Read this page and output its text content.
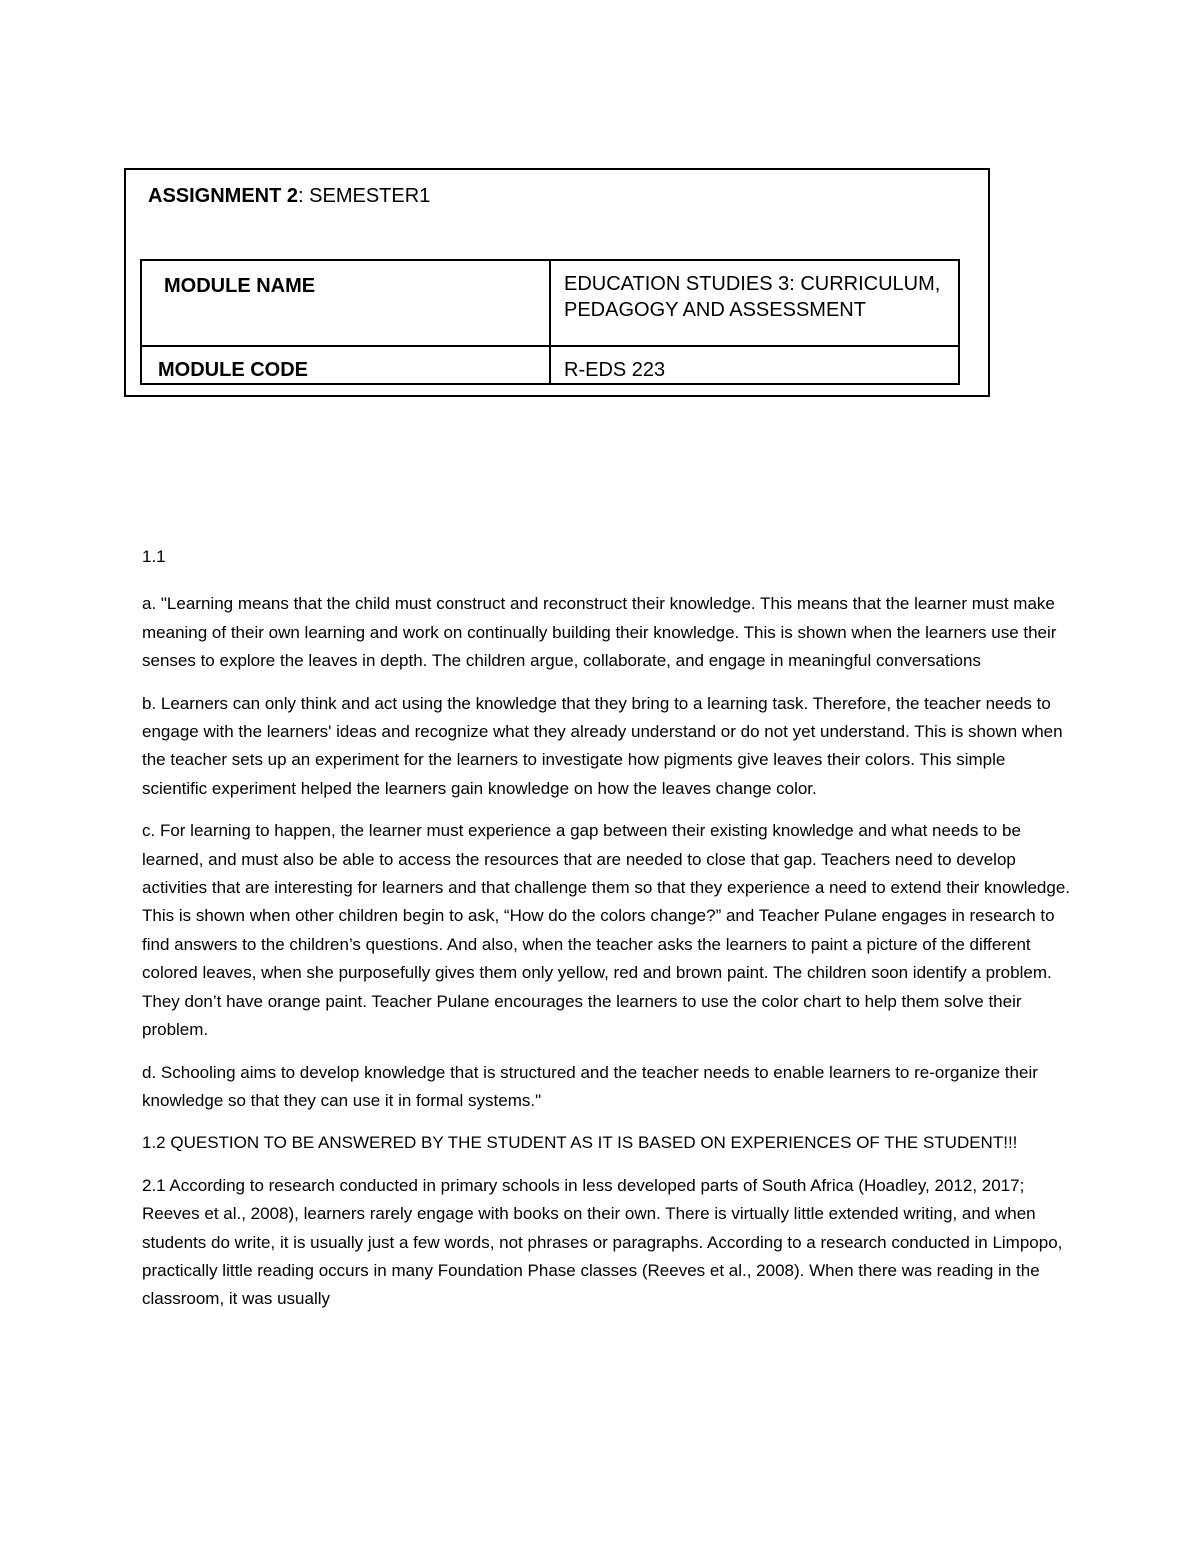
ASSIGNMENT 2: SEMESTER1
MODULE NAME	EDUCATION STUDIES 3: CURRICULUM, PEDAGOGY AND ASSESSMENT
MODULE CODE	R-EDS 223

1.1

a. "Learning means that the child must construct and reconstruct their knowledge. This means that the learner must make meaning of their own learning and work on continually building their knowledge. This is shown when the learners use their senses to explore the leaves in depth. The children argue, collaborate, and engage in meaningful conversations

b. Learners can only think and act using the knowledge that they bring to a learning task. Therefore, the teacher needs to engage with the learners' ideas and recognize what they already understand or do not yet understand. This is shown when the teacher sets up an experiment for the learners to investigate how pigments give leaves their colors. This simple scientific experiment helped the learners gain knowledge on how the leaves change color.

c. For learning to happen, the learner must experience a gap between their existing knowledge and what needs to be learned, and must also be able to access the resources that are needed to close that gap. Teachers need to develop activities that are interesting for learners and that challenge them so that they experience a need to extend their knowledge. This is shown when other children begin to ask, “How do the colors change?” and Teacher Pulane engages in research to find answers to the children’s questions. And also, when the teacher asks the learners to paint a picture of the different colored leaves, when she purposefully gives them only yellow, red and brown paint. The children soon identify a problem. They don’t have orange paint. Teacher Pulane encourages the learners to use the color chart to help them solve their problem.

d. Schooling aims to develop knowledge that is structured and the teacher needs to enable learners to re-organize their knowledge so that they can use it in formal systems."

1.2 QUESTION TO BE ANSWERED BY THE STUDENT AS IT IS BASED ON EXPERIENCES OF THE STUDENT!!!

2.1 According to research conducted in primary schools in less developed parts of South Africa (Hoadley, 2012, 2017; Reeves et al., 2008), learners rarely engage with books on their own. There is virtually little extended writing, and when students do write, it is usually just a few words, not phrases or paragraphs. According to a research conducted in Limpopo, practically little reading occurs in many Foundation Phase classes (Reeves et al., 2008). When there was reading in the classroom, it was usually
